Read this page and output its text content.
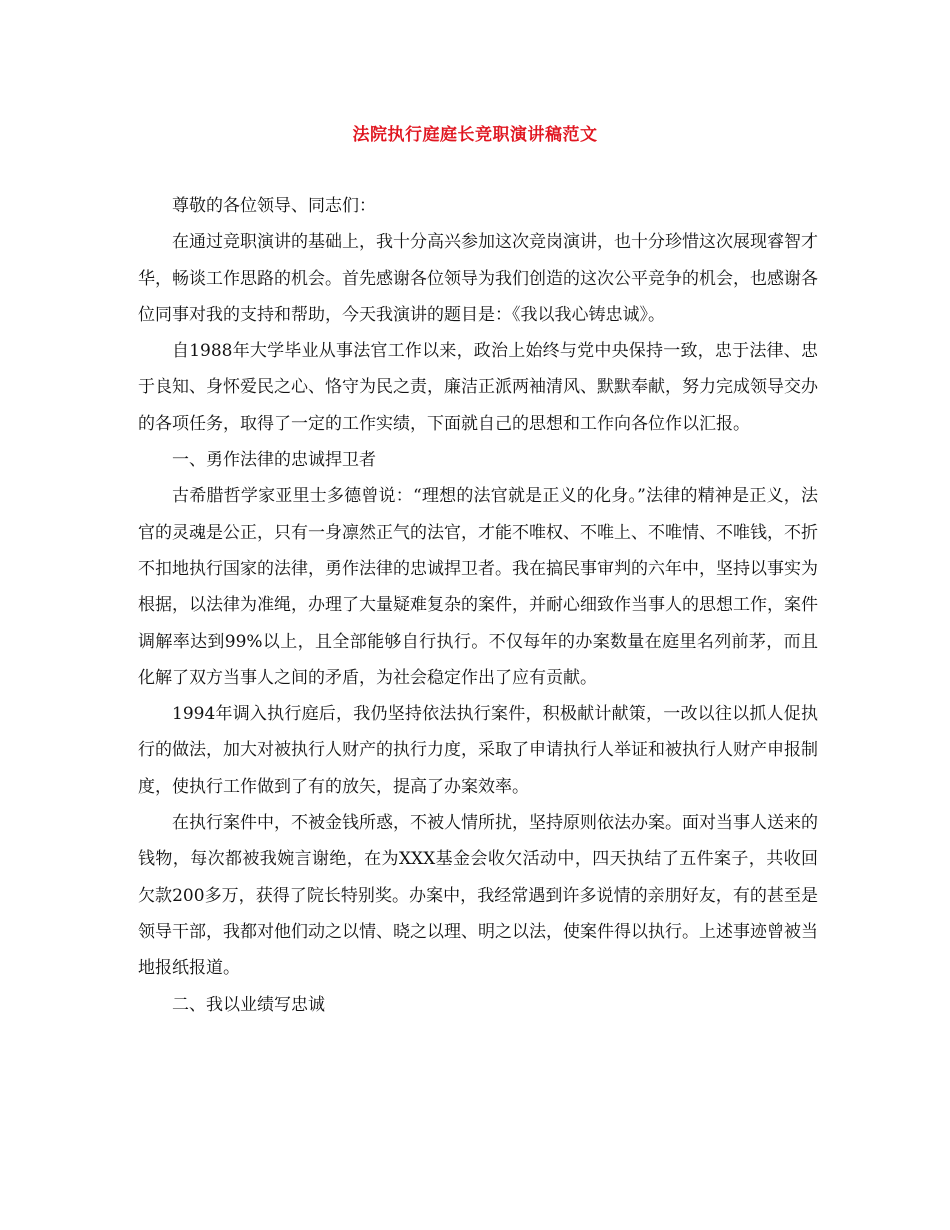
法院执行庭庭长竞职演讲稿范文

尊敬的各位领导、同志们：

在通过竞职演讲的基础上，我十分高兴参加这次竞岗演讲，也十分珍惜这次展现睿智才华，畅谈工作思路的机会。首先感谢各位领导为我们创造的这次公平竞争的机会，也感谢各位同事对我的支持和帮助，今天我演讲的题目是：《我以我心铸忠诚》。

自1988年大学毕业从事法官工作以来，政治上始终与党中央保持一致，忠于法律、忠于良知、身怀爱民之心、恪守为民之责，廉洁正派两袖清风、默默奉献，努力完成领导交办的各项任务，取得了一定的工作实绩，下面就自己的思想和工作向各位作以汇报。

一、勇作法律的忠诚捍卫者

古希腊哲学家亚里士多德曾说：“理想的法官就是正义的化身。”法律的精神是正义，法官的灵魂是公正，只有一身凛然正气的法官，才能不唯权、不唯上、不唯情、不唯钱，不折不扣地执行国家的法律，勇作法律的忠诚捍卫者。我在搞民事审判的六年中，坚持以事实为根据，以法律为准绳，办理了大量疑难复杂的案件，并耐心细致作当事人的思想工作，案件调解率达到99%以上，且全部能够自行执行。不仅每年的办案数量在庭里名列前茅，而且化解了双方当事人之间的矛盾，为社会稳定作出了应有贡献。

1994年调入执行庭后，我仍坚持依法执行案件，积极献计献策，一改以往以抓人促执行的做法，加大对被执行人财产的执行力度，采取了申请执行人举证和被执行人财产申报制度，使执行工作做到了有的放矢，提高了办案效率。

在执行案件中，不被金钱所惑，不被人情所扰，坚持原则依法办案。面对当事人送来的钱物，每次都被我婉言谢绝，在为XXX基金会收欠活动中，四天执结了五件案子，共收回欠款200多万，获得了院长特别奖。办案中，我经常遇到许多说情的亲朋好友，有的甚至是领导干部，我都对他们动之以情、晓之以理、明之以法，使案件得以执行。上述事迹曾被当地报纸报道。

二、我以业绩写忠诚
